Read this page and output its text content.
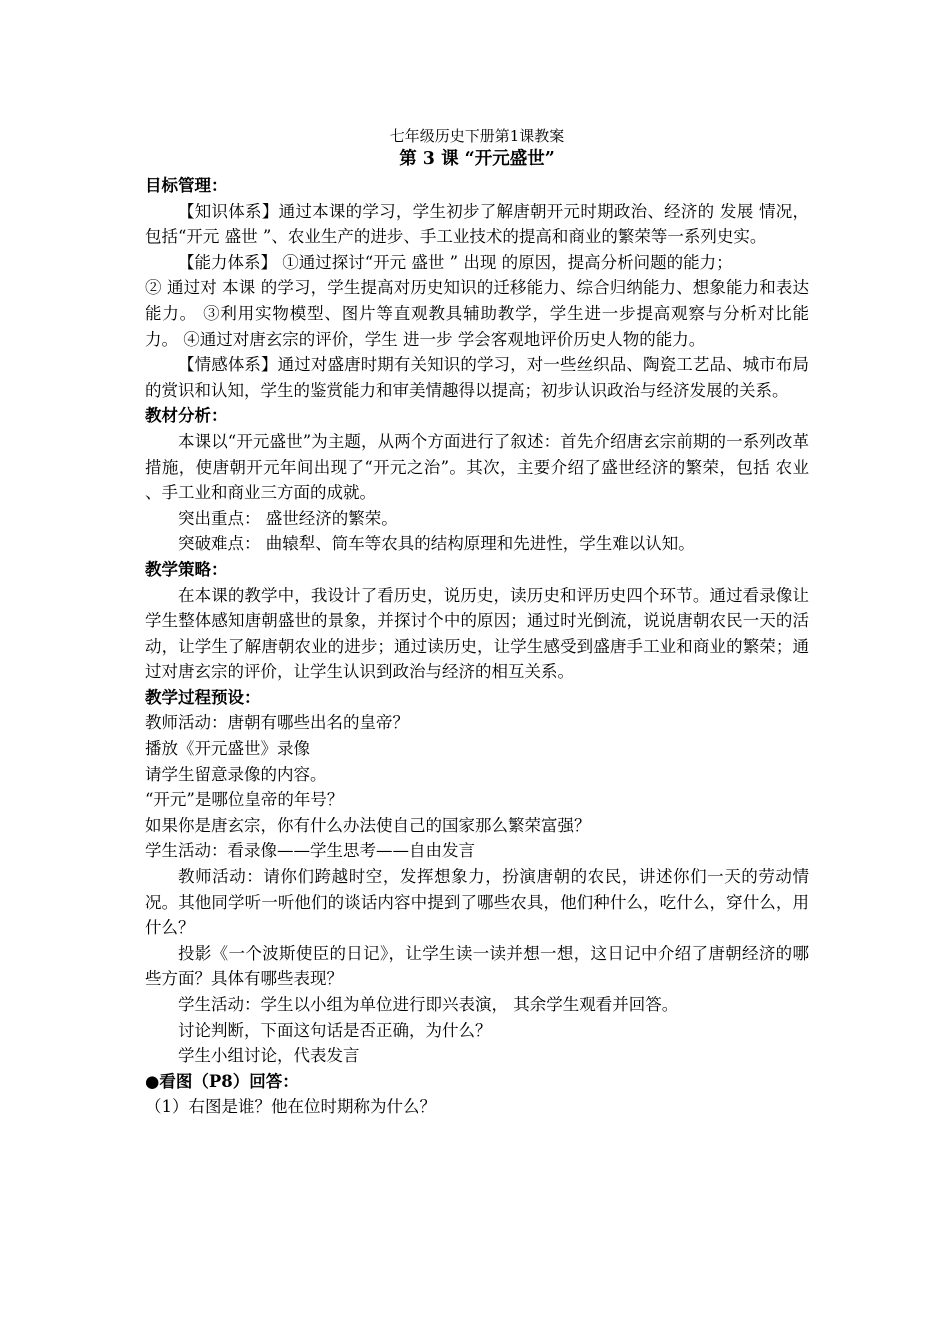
七年级历史下册第1课教案
第 3 课 “开元盛世”
目标管理：

【知识体系】通过本课的学习，学生初步了解唐朝开元时期政治、经济的 发展 情况，包括“开元 盛世 ”、农业生产的进步、手工业技术的提高和商业的繁荣等一系列史实。

【能力体系】 ①通过探讨“开元 盛世 ” 出现 的原因，提高分析问题的能力；

② 通过对 本课 的学习，学生提高对历史知识的迁移能力、综合归纳能力、想象能力和表达能力。 ③利用实物模型、图片等直观教具辅助教学，学生进一步提高观察与分析对比能力。 ④通过对唐玄宗的评价，学生 进一步 学会客观地评价历史人物的能力。

【情感体系】通过对盛唐时期有关知识的学习，对一些丝织品、陶瓷工艺品、城市布局的赏识和认知，学生的鉴赏能力和审美情趣得以提高；初步认识政治与经济发展的关系。

教材分析：

本课以“开元盛世”为主题，从两个方面进行了叙述：首先介绍唐玄宗前期的一系列改革措施，使唐朝开元年间出现了“开元之治”。其次，主要介绍了盛世经济的繁荣，包括 农业 、手工业和商业三方面的成就。

突出重点： 盛世经济的繁荣。

突破难点： 曲辕犁、筒车等农具的结构原理和先进性，学生难以认知。

教学策略：

在本课的教学中，我设计了看历史，说历史，读历史和评历史四个环节。通过看录像让学生整体感知唐朝盛世的景象，并探讨个中的原因；通过时光倒流，说说唐朝农民一天的活动，让学生了解唐朝农业的进步；通过读历史，让学生感受到盛唐手工业和商业的繁荣；通过对唐玄宗的评价，让学生认识到政治与经济的相互关系。

教学过程预设：

教师活动：唐朝有哪些出名的皇帝？

播放《开元盛世》录像

请学生留意录像的内容。

“开元”是哪位皇帝的年号？

如果你是唐玄宗，你有什么办法使自己的国家那么繁荣富强？

学生活动：看录像——学生思考——自由发言

教师活动：请你们跨越时空，发挥想象力，扮演唐朝的农民，讲述你们一天的劳动情况。其他同学听一听他们的谈话内容中提到了哪些农具，他们种什么，吃什么，穿什么，用什么？

投影《一个波斯使臣的日记》，让学生读一读并想一想，这日记中介绍了唐朝经济的哪些方面？具体有哪些表现？

学生活动：学生以小组为单位进行即兴表演， 其余学生观看并回答。

讨论判断，下面这句话是否正确，为什么？

学生小组讨论，代表发言

●看图（P8）回答：

（1）右图是谁？他在位时期称为什么？
